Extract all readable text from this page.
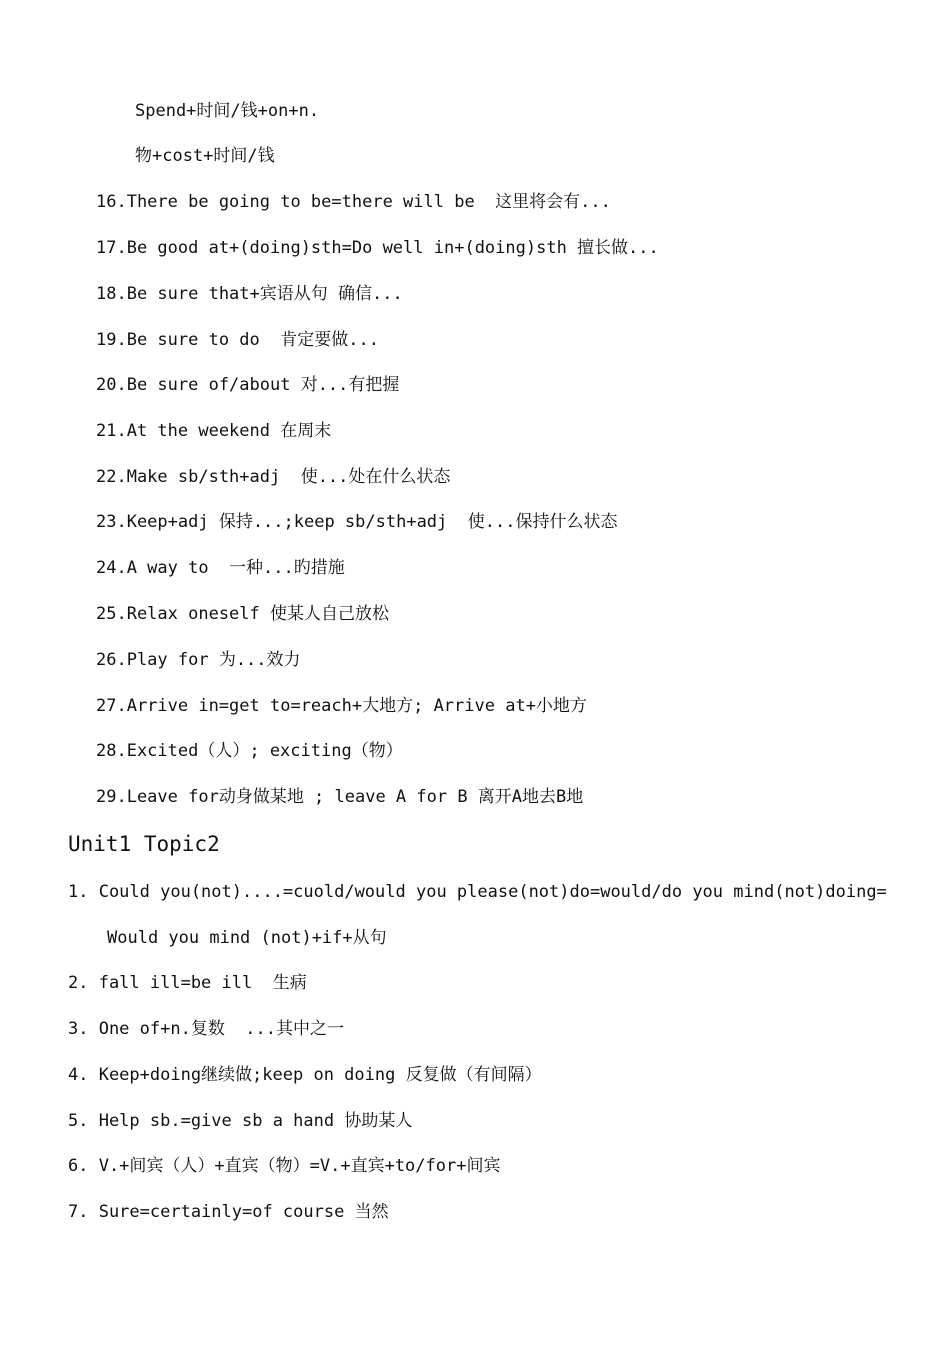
Spend+时间/钱+on+n.
物+cost+时间/钱
16.There be going to be=there will be  这里将会有...
17.Be good at+(doing)sth=Do well in+(doing)sth 擅长做...
18.Be sure that+宾语从句 确信...
19.Be sure to do  肯定要做...
20.Be sure of/about 对...有把握
21.At the weekend 在周末
22.Make sb/sth+adj  使...处在什么状态
23.Keep+adj 保持...;keep sb/sth+adj  使...保持什么状态
24.A way to  一种...旳措施
25.Relax oneself 使某人自己放松
26.Play for 为...效力
27.Arrive in=get to=reach+大地方; Arrive at+小地方
28.Excited（人）; exciting（物）
29.Leave for动身做某地 ; leave A for B 离开A地去B地
Unit1 Topic2
1. Could you(not)....=cuold/would you please(not)do=would/do you mind(not)doing=
Would you mind (not)+if+从句
2. fall ill=be ill  生病
3. One of+n.复数  ...其中之一
4. Keep+doing继续做;keep on doing 反复做（有间隔）
5. Help sb.=give sb a hand 协助某人
6. V.+间宾（人）+直宾（物）=V.+直宾+to/for+间宾
7. Sure=certainly=of course 当然
